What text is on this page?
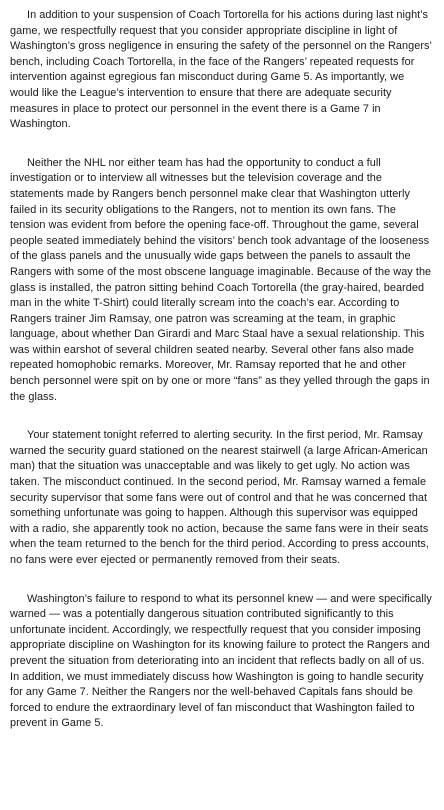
In addition to your suspension of Coach Tortorella for his actions during last night’s game, we respectfully request that you consider appropriate discipline in light of Washington’s gross negligence in ensuring the safety of the personnel on the Rangers’ bench, including Coach Tortorella, in the face of the Rangers’ repeated requests for intervention against egregious fan misconduct during Game 5. As importantly, we would like the League’s intervention to ensure that there are adequate security measures in place to protect our personnel in the event there is a Game 7 in Washington.

Neither the NHL nor either team has had the opportunity to conduct a full investigation or to interview all witnesses but the television coverage and the statements made by Rangers bench personnel make clear that Washington utterly failed in its security obligations to the Rangers, not to mention its own fans. The tension was evident from before the opening face-off. Throughout the game, several people seated immediately behind the visitors’ bench took advantage of the looseness of the glass panels and the unusually wide gaps between the panels to assault the Rangers with some of the most obscene language imaginable. Because of the way the glass is installed, the patron sitting behind Coach Tortorella (the gray-haired, bearded man in the white T-Shirt) could literally scream into the coach’s ear. According to Rangers trainer Jim Ramsay, one patron was screaming at the team, in graphic language, about whether Dan Girardi and Marc Staal have a sexual relationship. This was within earshot of several children seated nearby. Several other fans also made repeated homophobic remarks. Moreover, Mr. Ramsay reported that he and other bench personnel were spit on by one or more “fans” as they yelled through the gaps in the glass.

Your statement tonight referred to alerting security. In the first period, Mr. Ramsay warned the security guard stationed on the nearest stairwell (a large African-American man) that the situation was unacceptable and was likely to get ugly. No action was taken. The misconduct continued. In the second period, Mr. Ramsay warned a female security supervisor that some fans were out of control and that he was concerned that something unfortunate was going to happen. Although this supervisor was equipped with a radio, she apparently took no action, because the same fans were in their seats when the team returned to the bench for the third period. According to press accounts, no fans were ever ejected or permanently removed from their seats.

Washington’s failure to respond to what its personnel knew — and were specifically warned — was a potentially dangerous situation contributed significantly to this unfortunate incident. Accordingly, we respectfully request that you consider imposing appropriate discipline on Washington for its knowing failure to protect the Rangers and prevent the situation from deteriorating into an incident that reflects badly on all of us. In addition, we must immediately discuss how Washington is going to handle security for any Game 7. Neither the Rangers nor the well-behaved Capitals fans should be forced to endure the extraordinary level of fan misconduct that Washington failed to prevent in Game 5.
